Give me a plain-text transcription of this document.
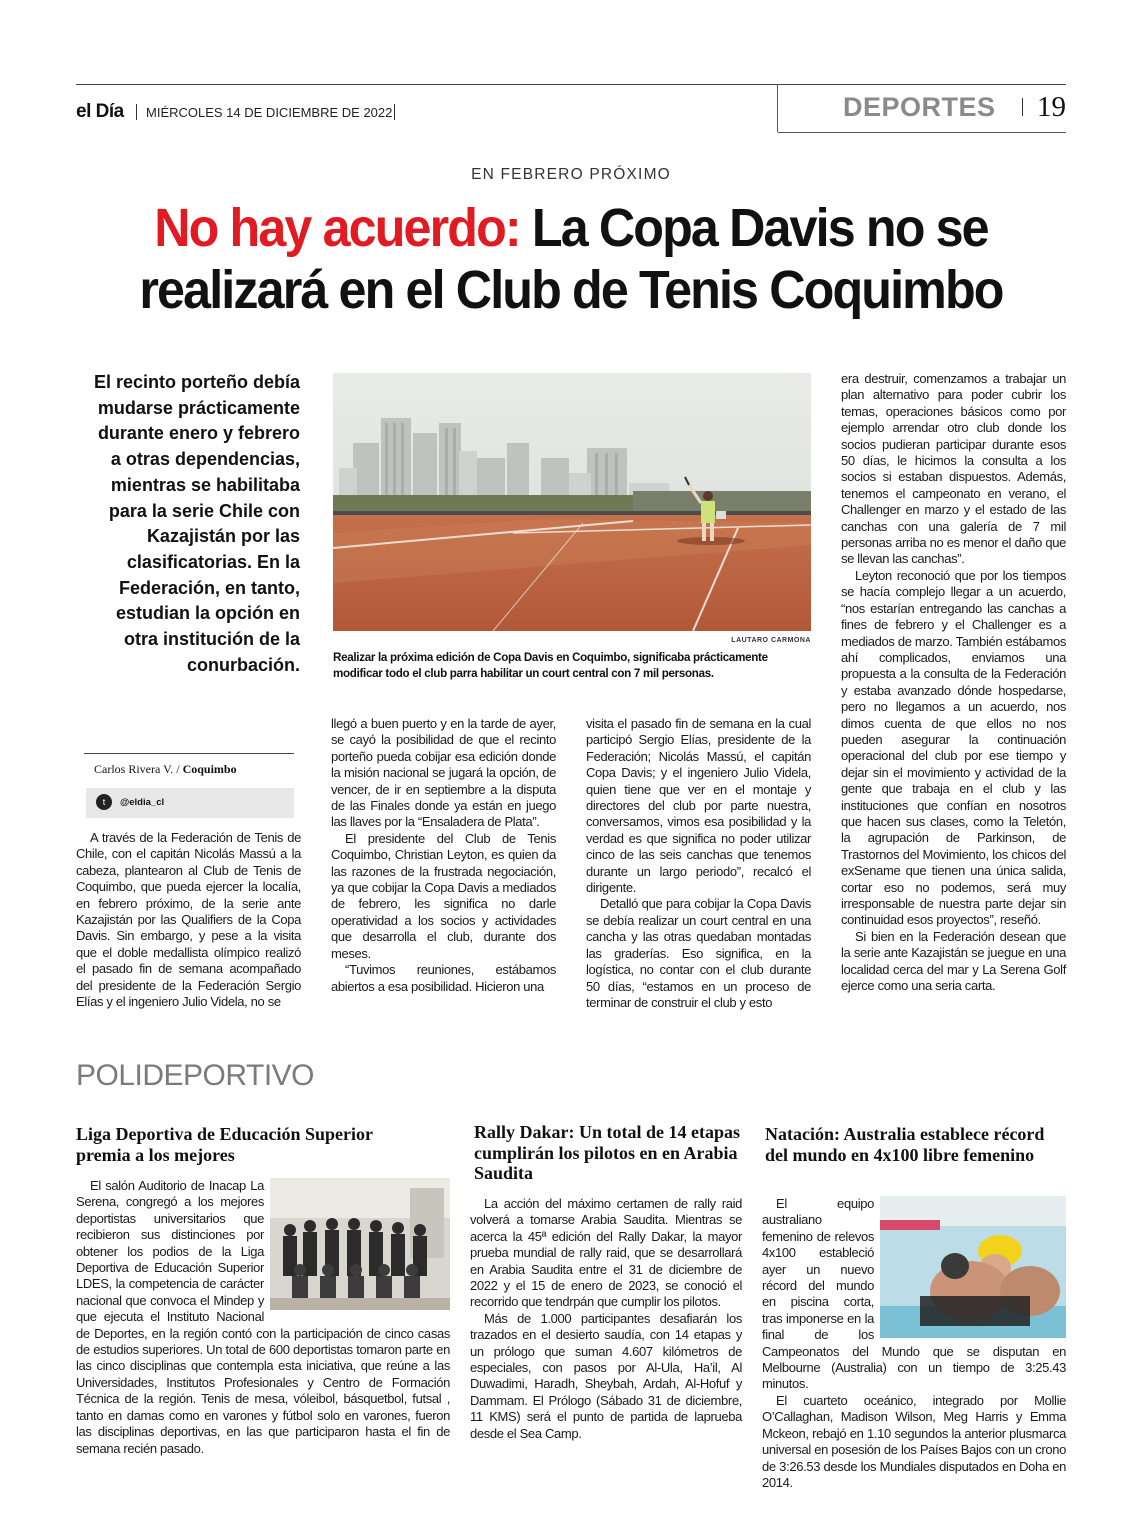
el Día MIÉRCOLES 14 DE DICIEMBRE DE 2022	DEPORTES 19
EN FEBRERO PRÓXIMO
No hay acuerdo: La Copa Davis no se realizará en el Club de Tenis Coquimbo
El recinto porteño debía mudarse prácticamente durante enero y febrero a otras dependencias, mientras se habilitaba para la serie Chile con Kazajistán por las clasificatorias. En la Federación, en tanto, estudian la opción en otra institución de la conurbación.
LAUTARO CARMONA
Realizar la próxima edición de Copa Davis en Coquimbo, significaba prácticamente modificar todo el club parra habilitar un court central con 7 mil personas.
Carlos Rivera V. / Coquimbo
t	@eldia_cl

A través de la Federación de Tenis de Chile, con el capitán Nicolás Massú a la cabeza, plantearon al Club de Tenis de Coquimbo, que pueda ejercer la localía, en febrero próximo, de la serie ante Kazajistán por las Qualifiers de la Copa Davis. Sin embargo, y pese a la visita que el doble medallista olímpico realizó el pasado fin de semana acompañado del presidente de la Federación Sergio Elías y el ingeniero Julio Videla, no se

llegó a buen puerto y en la tarde de ayer, se cayó la posibilidad de que el recinto porteño pueda cobijar esa edición donde la misión nacional se jugará la opción, de vencer, de ir en septiembre a la disputa de las Finales donde ya están en juego las llaves por la “Ensaladera de Plata”.

El presidente del Club de Tenis Coquimbo, Christian Leyton, es quien da las razones de la frustrada negociación, ya que cobijar la Copa Davis a mediados de febrero, les significa no darle operatividad a los socios y actividades que desarrolla el club, durante dos meses.

“Tuvimos reuniones, estábamos abiertos a esa posibilidad. Hicieron una

visita el pasado fin de semana en la cual participó Sergio Elías, presidente de la Federación; Nicolás Massú, el capitán Copa Davis; y el ingeniero Julio Videla, quien tiene que ver en el montaje y directores del club por parte nuestra, conversamos, vimos esa posibilidad y la verdad es que significa no poder utilizar cinco de las seis canchas que tenemos durante un largo periodo”, recalcó el dirigente.

Detalló que para cobijar la Copa Davis se debía realizar un court central en una cancha y las otras quedaban montadas las graderías. Eso significa, en la logística, no contar con el club durante 50 días, “estamos en un proceso de terminar de construir el club y esto

era destruir, comenzamos a trabajar un plan alternativo para poder cubrir los temas, operaciones básicos como por ejemplo arrendar otro club donde los socios pudieran participar durante esos 50 días, le hicimos la consulta a los socios si estaban dispuestos. Además, tenemos el campeonato en verano, el Challenger en marzo y el estado de las canchas con una galería de 7 mil personas arriba no es menor el daño que se llevan las canchas”.

Leyton reconoció que por los tiempos se hacía complejo llegar a un acuerdo, “nos estarían entregando las canchas a fines de febrero y el Challenger es a mediados de marzo. También estábamos ahí complicados, enviamos una propuesta a la consulta de la Federación y estaba avanzado dónde hospedarse, pero no llegamos a un acuerdo, nos dimos cuenta de que ellos no nos pueden asegurar la continuación operacional del club por ese tiempo y dejar sin el movimiento y actividad de la gente que trabaja en el club y las instituciones que confían en nosotros que hacen sus clases, como la Teletón, la agrupación de Parkinson, de Trastornos del Movimiento, los chicos del exSename que tienen una única salida, cortar eso no podemos, será muy irresponsable de nuestra parte dejar sin continuidad esos proyectos”, reseñó.

Si bien en la Federación desean que la serie ante Kazajistán se juegue en una localidad cerca del mar y La Serena Golf ejerce como una seria carta.

POLIDEPORTIVO
Liga Deportiva de Educación Superior premia a los mejores

El salón Auditorio de Inacap La Serena, congregó a los mejores deportistas universitarios que recibieron sus distinciones por obtener los podios de la Liga Deportiva de Educación Superior LDES, la competencia de carácter nacional que convoca el Mindep y que ejecuta el Instituto Nacional de Deportes, en la región contó con la participación de cinco casas de estudios superiores. Un total de 600 deportistas tomaron parte en las cinco disciplinas que contempla esta iniciativa, que reúne a las Universidades, Institutos Profesionales y Centro de Formación Técnica de la región. Tenis de mesa, vóleibol, básquetbol, futsal , tanto en damas como en varones y fútbol solo en varones, fueron las disciplinas deportivas, en las que participaron hasta el fin de semana recién pasado.

Rally Dakar: Un total de 14 etapas cumplirán los pilotos en en Arabia Saudita

La acción del máximo certamen de rally raid volverá a tomarse Arabia Saudita. Mientras se acerca la 45ª edición del Rally Dakar, la mayor prueba mundial de rally raid, que se desarrollará en Arabia Saudita entre el 31 de diciembre de 2022 y el 15 de enero de 2023, se conoció el recorrido que tendrpán que cumplir los pilotos.

Más de 1.000 participantes desafiarán los trazados en el desierto saudía, con 14 etapas y un prólogo que suman 4.607 kilómetros de especiales, con pasos por Al-Ula, Ha’il, Al Duwadimi, Haradh, Sheybah, Ardah, Al-Hofuf y Dammam. El Prólogo (Sábado 31 de diciembre, 11 KMS) será el punto de partida de laprueba desde el Sea Camp.

Natación: Australia establece récord del mundo en 4x100 libre femenino

El equipo australiano femenino de relevos 4x100 estableció ayer un nuevo récord del mundo en piscina corta, tras imponerse en la final de los Campeonatos del Mundo que se disputan en Melbourne (Australia) con un tiempo de 3:25.43 minutos.

El cuarteto oceánico, integrado por Mollie O’Callaghan, Madison Wilson, Meg Harris y Emma Mckeon, rebajó en 1.10 segundos la anterior plusmarca universal en posesión de los Países Bajos con un crono de 3:26.53 desde los Mundiales disputados en Doha en 2014.
